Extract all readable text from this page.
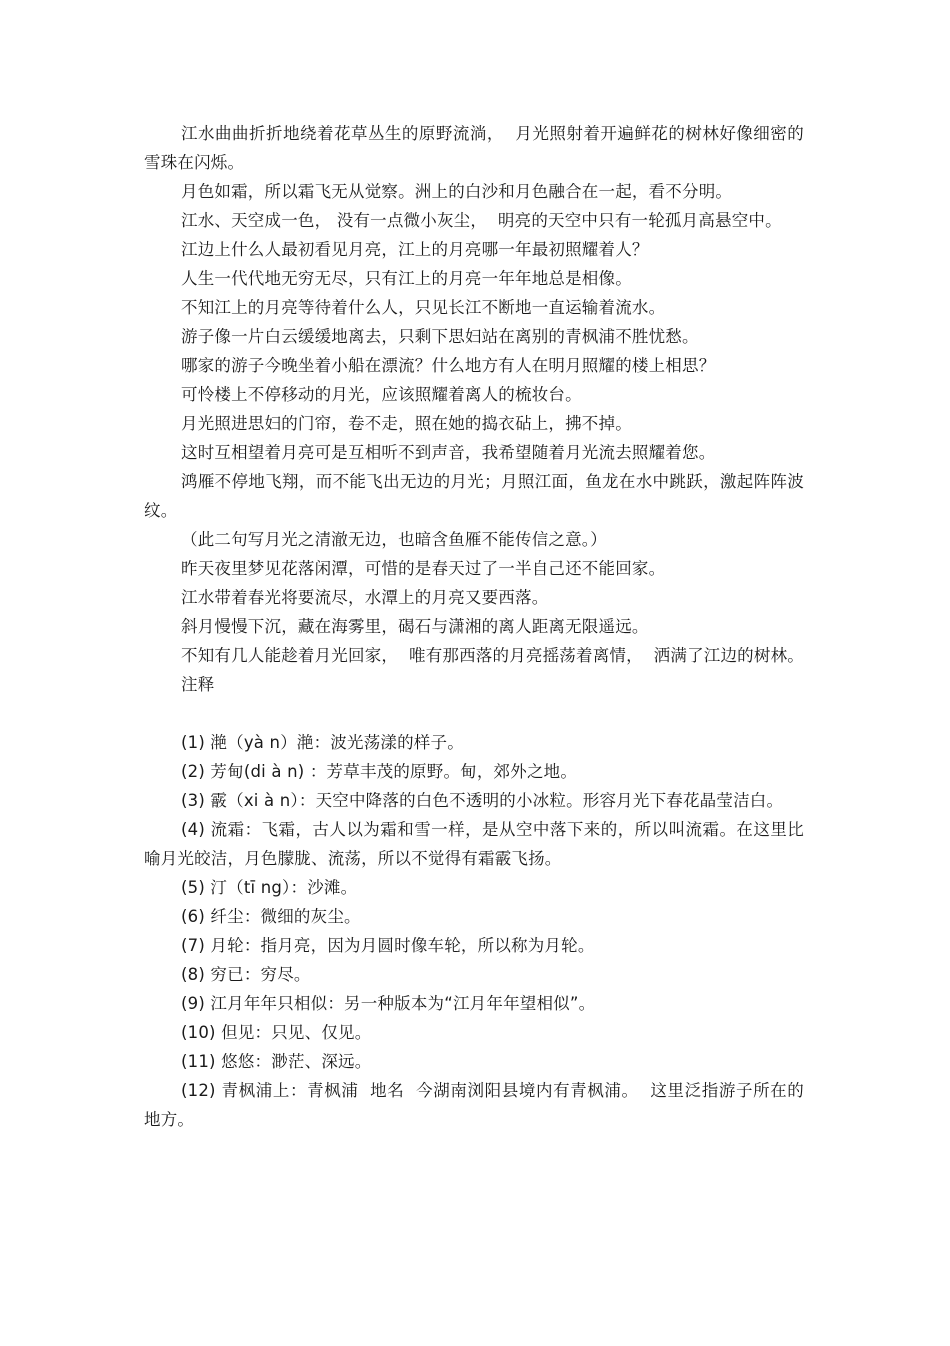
江水曲曲折折地绕着花草丛生的原野流淌，  月光照射着开遍鲜花的树林好像细密的雪珠在闪烁。

月色如霜，所以霜飞无从觉察。洲上的白沙和月色融合在一起，看不分明。

江水、天空成一色， 没有一点微小灰尘，  明亮的天空中只有一轮孤月高悬空中。

江边上什么人最初看见月亮，江上的月亮哪一年最初照耀着人？

人生一代代地无穷无尽，只有江上的月亮一年年地总是相像。

不知江上的月亮等待着什么人，只见长江不断地一直运输着流水。

游子像一片白云缓缓地离去，只剩下思妇站在离别的青枫浦不胜忧愁。

哪家的游子今晚坐着小船在漂流？什么地方有人在明月照耀的楼上相思？

可怜楼上不停移动的月光，应该照耀着离人的梳妆台。

月光照进思妇的门帘，卷不走，照在她的捣衣砧上，拂不掉。

这时互相望着月亮可是互相听不到声音，我希望随着月光流去照耀着您。

鸿雁不停地飞翔，而不能飞出无边的月光；月照江面，鱼龙在水中跳跃，激起阵阵波纹。

（此二句写月光之清澈无边，也暗含鱼雁不能传信之意。）

昨天夜里梦见花落闲潭，可惜的是春天过了一半自己还不能回家。

江水带着春光将要流尽，水潭上的月亮又要西落。

斜月慢慢下沉，藏在海雾里，碣石与潇湘的离人距离无限遥远。

不知有几人能趁着月光回家，  唯有那西落的月亮摇荡着离情，  洒满了江边的树林。

注释

(1) 滟（yà n）滟：波光荡漾的样子。

(2) 芳甸(di à n) ：芳草丰茂的原野。甸，郊外之地。

(3) 霰（xi à n）：天空中降落的白色不透明的小冰粒。形容月光下春花晶莹洁白。

(4) 流霜：飞霜，古人以为霜和雪一样，是从空中落下来的，所以叫流霜。在这里比喻月光皎洁，月色朦胧、流荡，所以不觉得有霜霰飞扬。

(5) 汀（tī ng）：沙滩。

(6) 纤尘：微细的灰尘。

(7) 月轮：指月亮，因为月圆时像车轮，所以称为月轮。

(8) 穷已：穷尽。

(9) 江月年年只相似：另一种版本为“江月年年望相似”。

(10) 但见：只见、仅见。

(11) 悠悠：渺茫、深远。

(12) 青枫浦上：青枫浦  地名  今湖南浏阳县境内有青枫浦。  这里泛指游子所在的地方。
